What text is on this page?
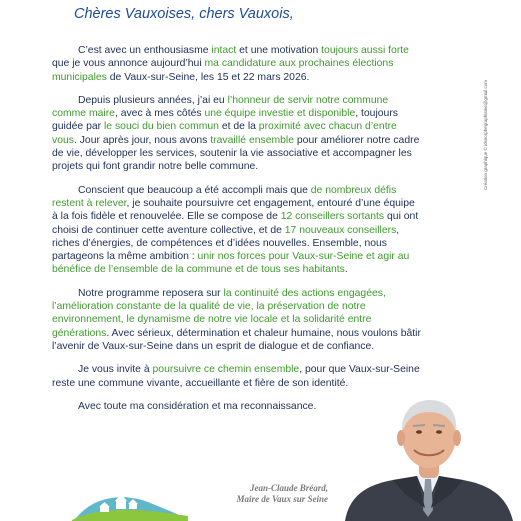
Chères Vauxoises, chers Vauxois,

C’est avec un enthousiasme intact et une motivation toujours aussi forte que je vous annonce aujourd’hui ma candidature aux prochaines élections municipales de Vaux-sur-Seine, les 15 et 22 mars 2026.

Depuis plusieurs années, j’ai eu l’honneur de servir notre commune comme maire, avec à mes côtés une équipe investie et disponible, toujours guidée par le souci du bien commun et de la proximité avec chacun d’entre vous. Jour après jour, nous avons travaillé ensemble pour améliorer notre cadre de vie, développer les services, soutenir la vie associative et accompagner les projets qui font grandir notre belle commune.

Conscient que beaucoup a été accompli mais que de nombreux défis restent à relever, je souhaite poursuivre cet engagement, entouré d’une équipe à la fois fidèle et renouvelée. Elle se compose de 12 conseillers sortants qui ont choisi de continuer cette aventure collective, et de 17 nouveaux conseillers, riches d’énergies, de compétences et d’idées nouvelles. Ensemble, nous partageons la même ambition : unir nos forces pour Vaux-sur-Seine et agir au bénéfice de l’ensemble de la commune et de tous ses habitants.

Notre programme reposera sur la continuité des actions engagées, l’amélioration constante de la qualité de vie, la préservation de notre environnement, le dynamisme de notre vie locale et la solidarité entre générations. Avec sérieux, détermination et chaleur humaine, nous voulons bâtir l’avenir de Vaux-sur-Seine dans un esprit de dialogue et de confiance.

Je vous invite à poursuivre ce chemin ensemble, pour que Vaux-sur-Seine reste une commune vivante, accueillante et fière de son identité.

Avec toute ma considération et ma reconnaissance.

Création graphique © idsnorphegraphisme@gmail.com
Jean-Claude Bréard,
Maire de Vaux sur Seine
